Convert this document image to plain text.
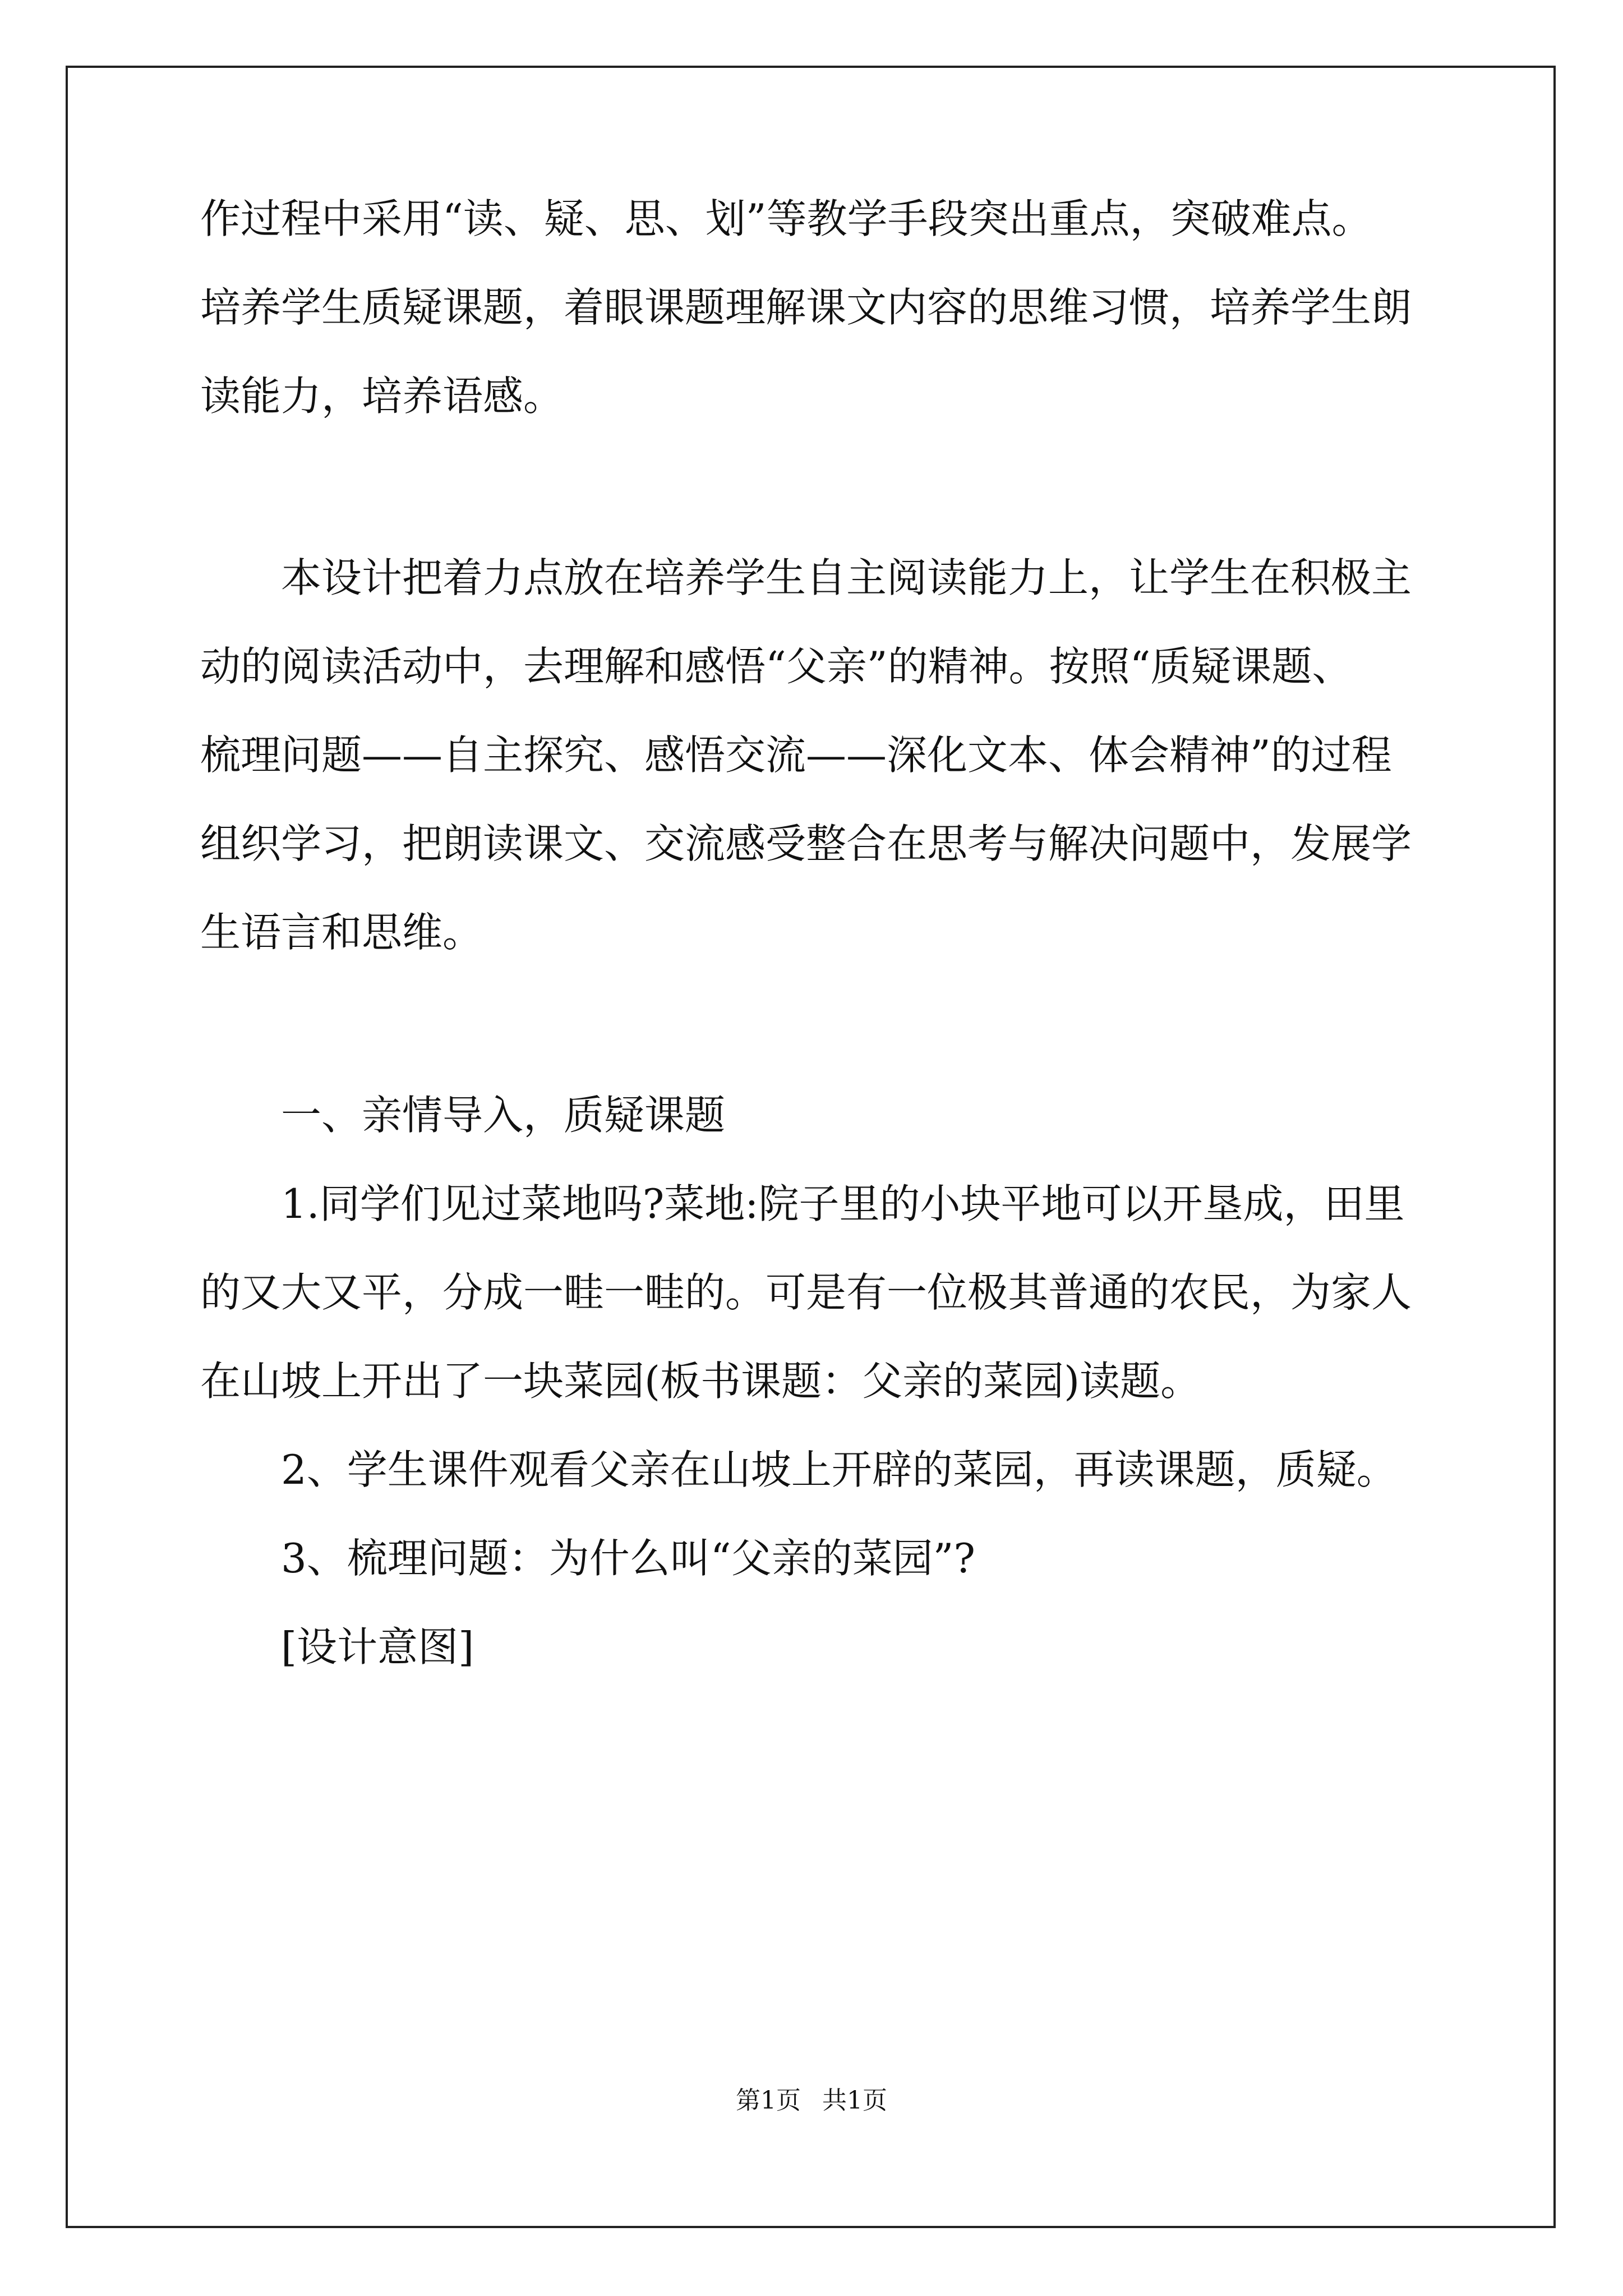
作过程中采用“读、疑、思、划”等教学手段突出重点，突破难点。
培养学生质疑课题，着眼课题理解课文内容的思维习惯，培养学生朗
读能力，培养语感。
　　本设计把着力点放在培养学生自主阅读能力上，让学生在积极主
动的阅读活动中，去理解和感悟“父亲”的精神。按照“质疑课题、
梳理问题——自主探究、感悟交流——深化文本、体会精神”的过程
组织学习，把朗读课文、交流感受整合在思考与解决问题中，发展学
生语言和思维。
　　一、亲情导入，质疑课题
　　1.同学们见过菜地吗?菜地:院子里的小块平地可以开垦成，田里
的又大又平，分成一畦一畦的。可是有一位极其普通的农民，为家人
在山坡上开出了一块菜园(板书课题：父亲的菜园)读题。
　　2、学生课件观看父亲在山坡上开辟的菜园，再读课题，质疑。
　　3、梳理问题：为什么叫“父亲的菜园”?
　　[设计意图]
第1页 共1页
